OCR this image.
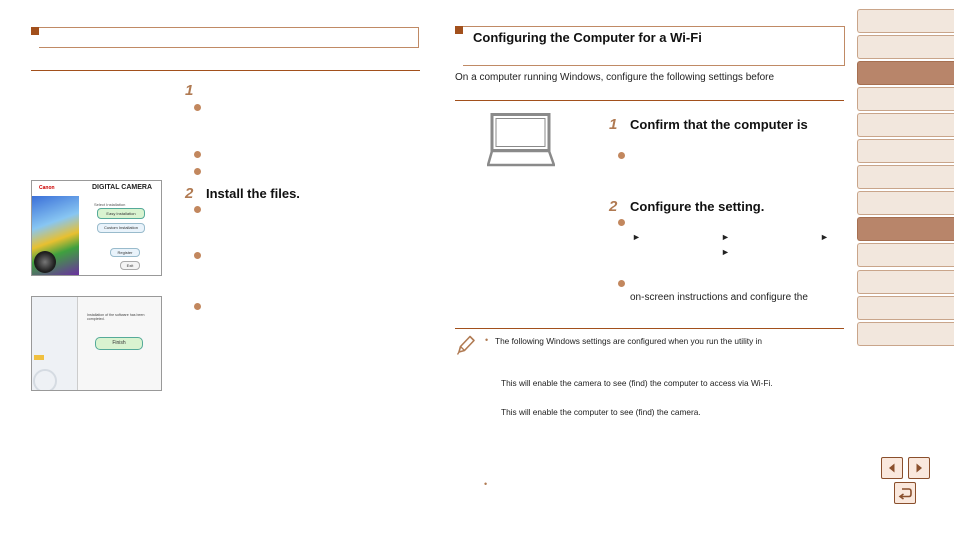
1
2 Install the files.
Canon	DIGITAL CAMERA
Select Installation
Easy Installation
Custom Installation
Register
Exit
Installation of the software has been completed.
Finish
Configuring the Computer for a Wi-Fi
On a computer running Windows, configure the following settings before
1 Confirm that the computer is
2 Configure the setting.
►	►	►
►
on-screen instructions and configure the
• The following Windows settings are configured when you run the utility in
This will enable the camera to see (find) the computer to access via Wi-Fi.
This will enable the computer to see (find) the camera.
•
